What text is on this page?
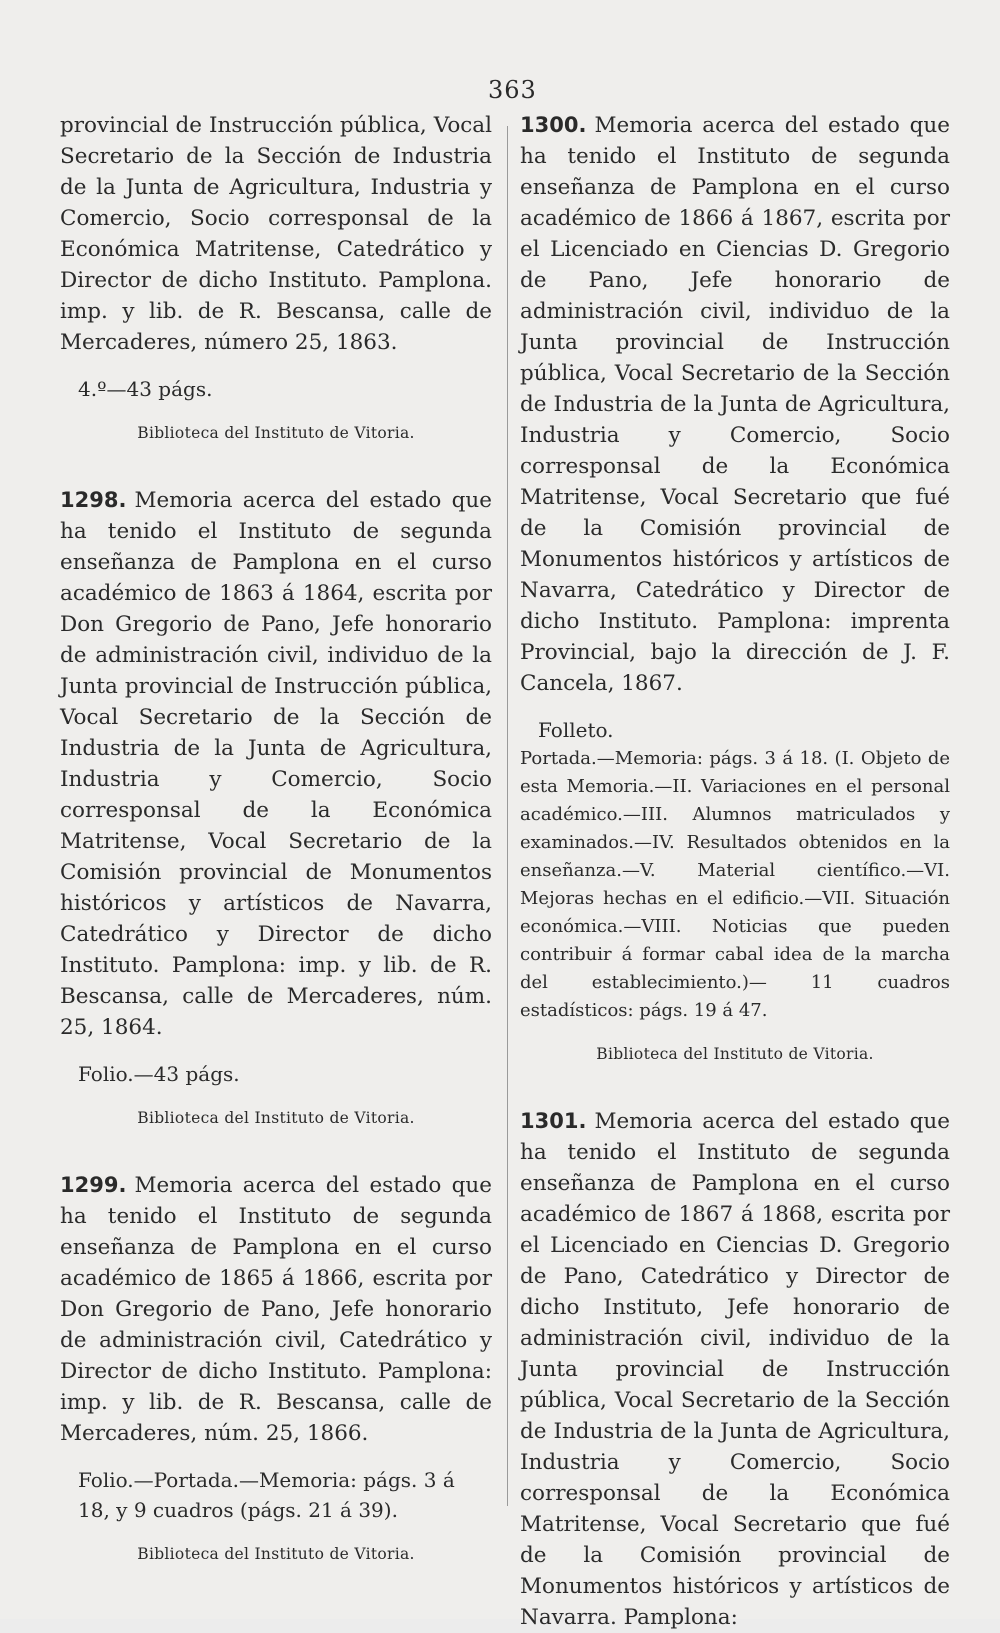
363

provincial de Instrucción pública, Vocal Secretario de la Sección de Industria de la Junta de Agricultura, Industria y Comercio, Socio corresponsal de la Económica Matritense, Catedrático y Director de dicho Instituto. Pamplona. imp. y lib. de R. Bescansa, calle de Mercaderes, número 25, 1863.

4.º—43 págs.
Biblioteca del Instituto de Vitoria.

1298. Memoria acerca del estado que ha tenido el Instituto de segunda enseñanza de Pamplona en el curso académico de 1863 á 1864, escrita por Don Gregorio de Pano, Jefe honorario de administración civil, individuo de la Junta provincial de Instrucción pública, Vocal Secretario de la Sección de Industria de la Junta de Agricultura, Industria y Comercio, Socio corresponsal de la Económica Matritense, Vocal Secretario de la Comisión provincial de Monumentos históricos y artísticos de Navarra, Catedrático y Director de dicho Instituto. Pamplona: imp. y lib. de R. Bescansa, calle de Mercaderes, núm. 25, 1864.

Folio.—43 págs.
Biblioteca del Instituto de Vitoria.

1299. Memoria acerca del estado que ha tenido el Instituto de segunda enseñanza de Pamplona en el curso académico de 1865 á 1866, escrita por Don Gregorio de Pano, Jefe honorario de administración civil, Catedrático y Director de dicho Instituto. Pamplona: imp. y lib. de R. Bescansa, calle de Mercaderes, núm. 25, 1866.

Folio.—Portada.—Memoria: págs. 3 á 18, y 9 cuadros (págs. 21 á 39).
Biblioteca del Instituto de Vitoria.

1300. Memoria acerca del estado que ha tenido el Instituto de segunda enseñanza de Pamplona en el curso académico de 1866 á 1867, escrita por el Licenciado en Ciencias D. Gregorio de Pano, Jefe honorario de administración civil, individuo de la Junta provincial de Instrucción pública, Vocal Secretario de la Sección de Industria de la Junta de Agricultura, Industria y Comercio, Socio corresponsal de la Económica Matritense, Vocal Secretario que fué de la Comisión provincial de Monumentos históricos y artísticos de Navarra, Catedrático y Director de dicho Instituto. Pamplona: imprenta Provincial, bajo la dirección de J. F. Cancela, 1867.

Folleto.
Portada.—Memoria: págs. 3 á 18. (I. Objeto de esta Memoria.—II. Variaciones en el personal académico.—III. Alumnos matriculados y examinados.—IV. Resultados obtenidos en la enseñanza.—V. Material científico.—VI. Mejoras hechas en el edificio.—VII. Situación económica.—VIII. Noticias que pueden contribuir á formar cabal idea de la marcha del establecimiento.)— 11 cuadros estadísticos: págs. 19 á 47.
Biblioteca del Instituto de Vitoria.

1301. Memoria acerca del estado que ha tenido el Instituto de segunda enseñanza de Pamplona en el curso académico de 1867 á 1868, escrita por el Licenciado en Ciencias D. Gregorio de Pano, Catedrático y Director de dicho Instituto, Jefe honorario de administración civil, individuo de la Junta provincial de Instrucción pública, Vocal Secretario de la Sección de Industria de la Junta de Agricultura, Industria y Comercio, Socio corresponsal de la Económica Matritense, Vocal Secretario que fué de la Comisión provincial de Monumentos históricos y artísticos de Navarra. Pamplona:
